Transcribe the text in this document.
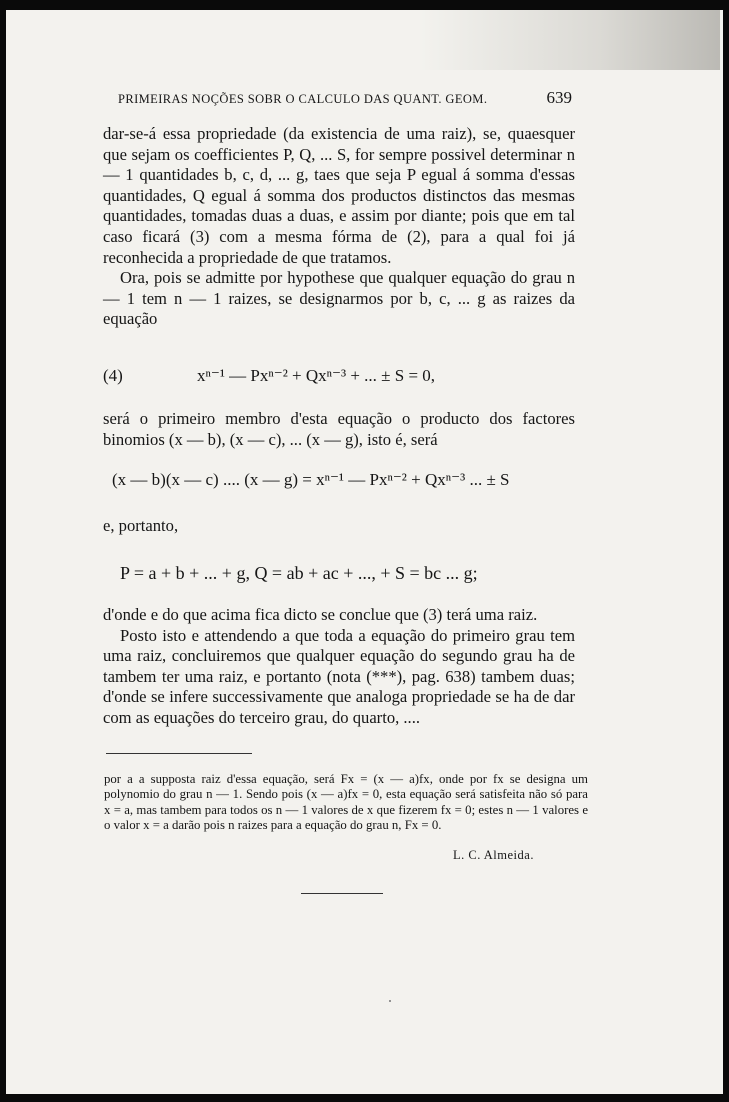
PRIMEIRAS NOÇÕES SOBR O CALCULO DAS QUANT. GEOM.	639

dar-se-á essa propriedade (da existencia de uma raiz), se, quaesquer que sejam os coefficientes P, Q, ... S, for sempre possivel determinar n — 1 quantidades b, c, d, ... g, taes que seja P egual á somma d'essas quantidades, Q egual á somma dos productos distinctos das mesmas quantidades, tomadas duas a duas, e assim por diante; pois que em tal caso ficará (3) com a mesma fórma de (2), para a qual foi já reconhecida a propriedade de que tratamos.

Ora, pois se admitte por hypothese que qualquer equação do grau n — 1 tem n — 1 raizes, se designarmos por b, c, ... g as raizes da equação

(4)	xⁿ⁻¹ — Pxⁿ⁻² + Qxⁿ⁻³ + ... ± S = 0,

será o primeiro membro d'esta equação o producto dos factores binomios (x — b), (x — c), ... (x — g), isto é, será

(x — b)(x — c) .... (x — g) = xⁿ⁻¹ — Pxⁿ⁻² + Qxⁿ⁻³ ... ± S

e, portanto,

P = a + b + ... + g, Q = ab + ac + ..., + S = bc ... g;

d'onde e do que acima fica dicto se conclue que (3) terá uma raiz.

Posto isto e attendendo a que toda a equação do primeiro grau tem uma raiz, concluiremos que qualquer equação do segundo grau ha de tambem ter uma raiz, e portanto (nota (***), pag. 638) tambem duas; d'onde se infere successivamente que analoga propriedade se ha de dar com as equações do terceiro grau, do quarto, ....

por a a supposta raiz d'essa equação, será Fx = (x — a)fx, onde por fx se designa um polynomio do grau n — 1. Sendo pois (x — a)fx = 0, esta equação será satisfeita não só para x = a, mas tambem para todos os n — 1 valores de x que fizerem fx = 0; estes n — 1 valores e o valor x = a darão pois n raizes para a equação do grau n, Fx = 0.
L. C. Almeida.
